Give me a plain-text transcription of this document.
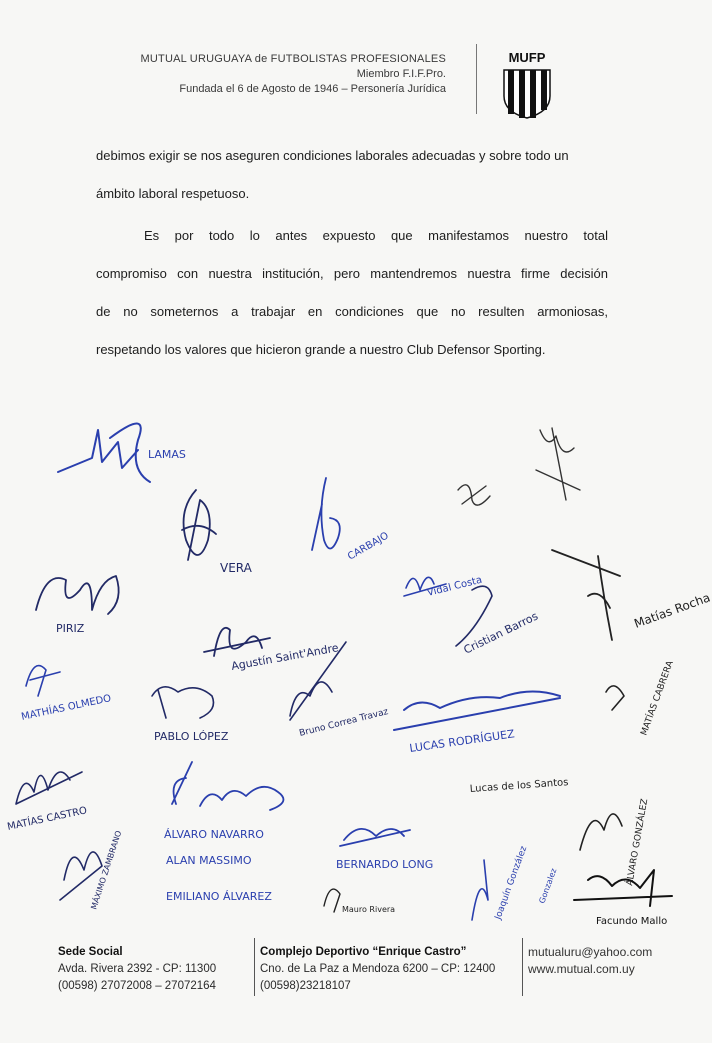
MUTUAL URUGUAYA de FUTBOLISTAS PROFESIONALES
Miembro F.I.F.Pro.
Fundada el 6 de Agosto de 1946 – Personería Jurídica
MUFP
debimos exigir se nos aseguren condiciones laborales adecuadas y sobre todo un
ámbito laboral respetuoso.
Es por todo lo antes expuesto que manifestamos nuestro total
compromiso con nuestra institución, pero mantendremos nuestra firme decisión
de no someternos a trabajar en condiciones que no resulten armoniosas,
respetando los valores que hicieron grande a nuestro Club Defensor Sporting.
LAMAS
VERA
CARBAJO
PIRIZ
Vidal Costa
Cristian Barros	Matías Rocha
Agustín Saint'Andre
MATHÍAS OLMEDO
PABLO LÓPEZ	Bruno Correa Travaz
LUCAS RODRÍGUEZ
MATÍAS CABRERA
MATÍAS CASTRO
Lucas de los Santos
ÁLVARO GONZÁLEZ
ÁLVARO NAVARRO
ALAN MASSIMO
EMILIANO ÁLVAREZ
MÁXIMO ZAMBRANO	BERNARDO LONG
Mauro Rivera	Joaquín González Gonzalez
Facundo Mallo
Sede Social
Avda. Rivera 2392 - CP: 11300
(00598) 27072008 – 27072164
Complejo Deportivo “Enrique Castro”
Cno. de La Paz a Mendoza 6200 – CP: 12400
(00598)23218107
mutualuru@yahoo.com
www.mutual.com.uy
